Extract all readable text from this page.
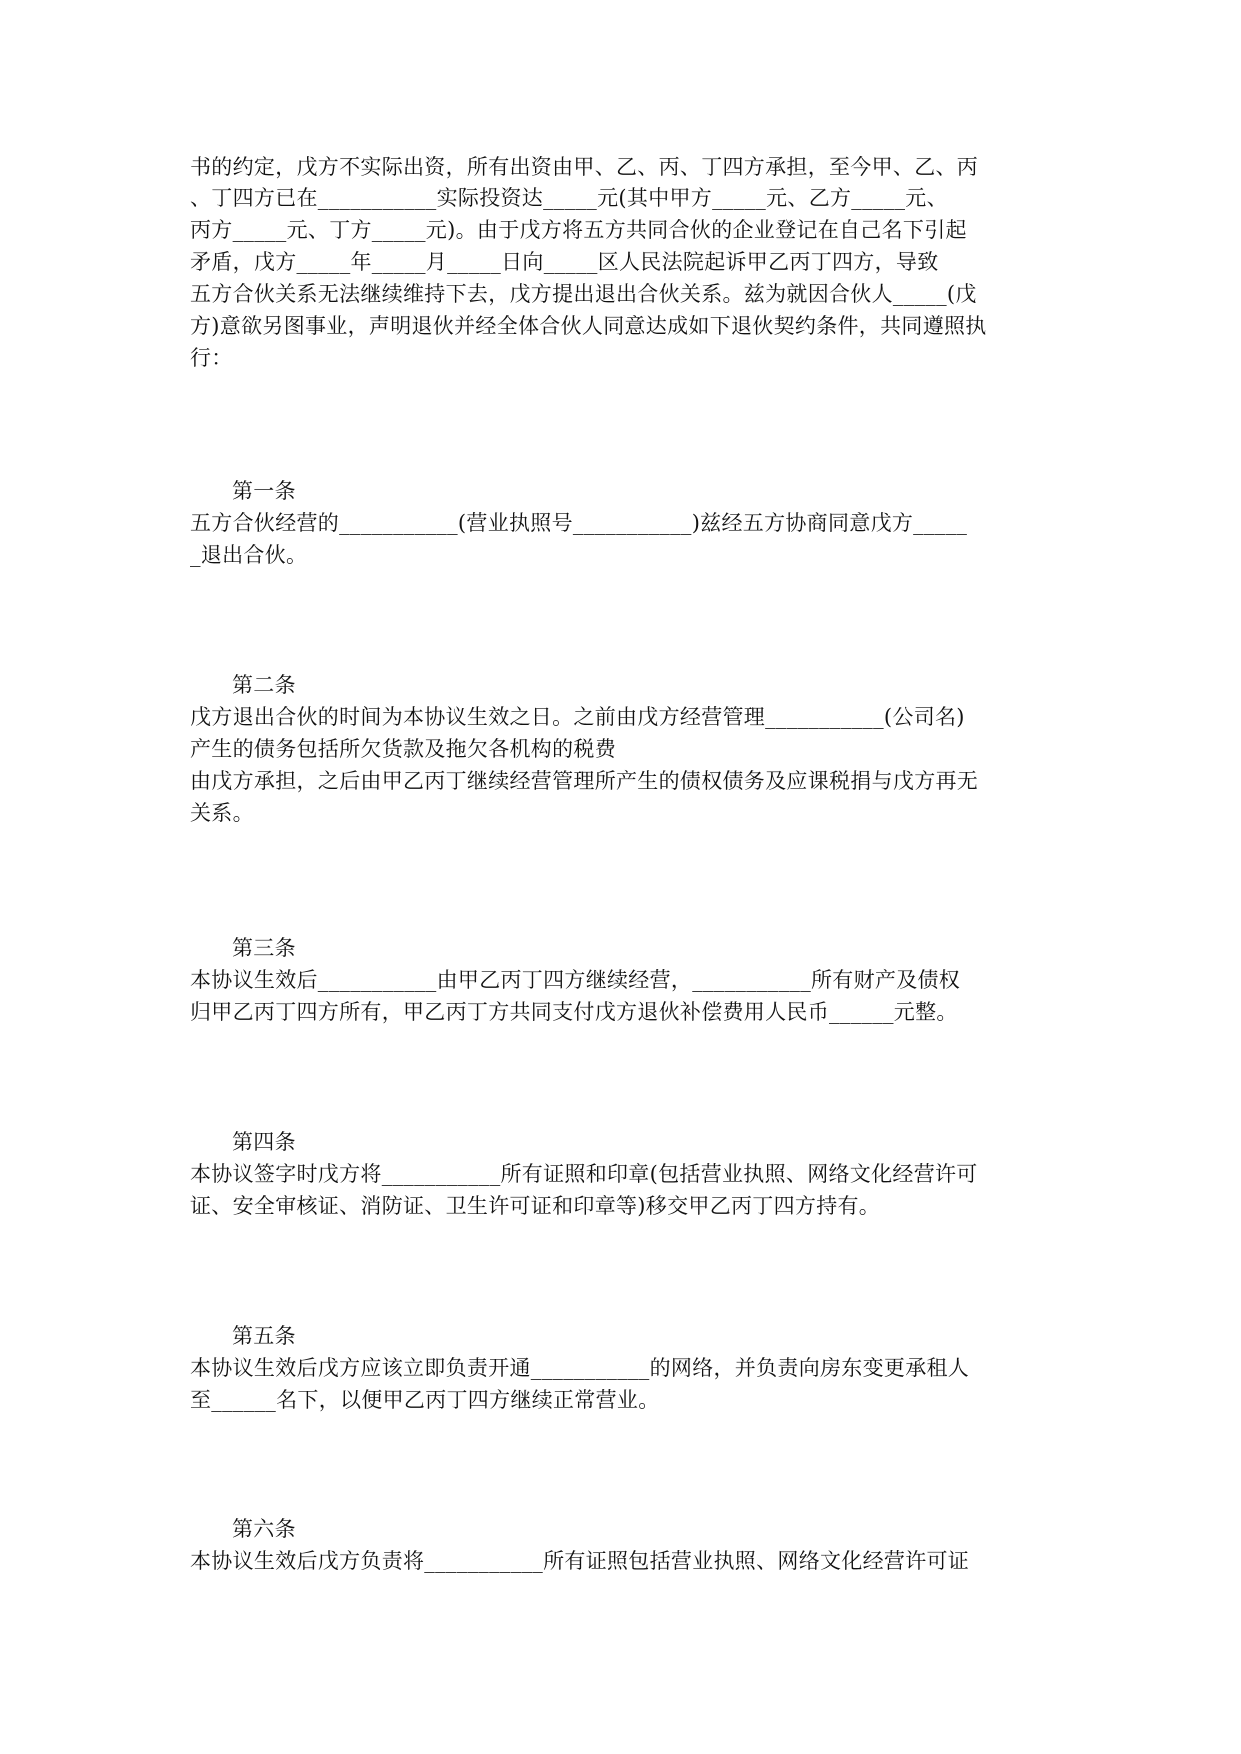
书的约定，戊方不实际出资，所有出资由甲、乙、丙、丁四方承担，至今甲、乙、丙
、丁四方已在___________实际投资达_____元(其中甲方_____元、乙方_____元、
丙方_____元、丁方_____元)。由于戊方将五方共同合伙的企业登记在自己名下引起
矛盾，戊方_____年_____月_____日向_____区人民法院起诉甲乙丙丁四方，导致
五方合伙关系无法继续维持下去，戊方提出退出合伙关系。兹为就因合伙人_____(戊
方)意欲另图事业，声明退伙并经全体合伙人同意达成如下退伙契约条件，共同遵照执
行：
第一条
五方合伙经营的___________(营业执照号___________)兹经五方协商同意戊方_____
_退出合伙。
第二条
戊方退出合伙的时间为本协议生效之日。之前由戊方经营管理___________(公司名)
产生的债务包括所欠货款及拖欠各机构的税费
由戊方承担，之后由甲乙丙丁继续经营管理所产生的债权债务及应课税捐与戊方再无
关系。
第三条
本协议生效后___________由甲乙丙丁四方继续经营，___________所有财产及债权
归甲乙丙丁四方所有，甲乙丙丁方共同支付戊方退伙补偿费用人民币______元整。
第四条
本协议签字时戊方将___________所有证照和印章(包括营业执照、网络文化经营许可
证、安全审核证、消防证、卫生许可证和印章等)移交甲乙丙丁四方持有。
第五条
本协议生效后戊方应该立即负责开通___________的网络，并负责向房东变更承租人
至______名下，以便甲乙丙丁四方继续正常营业。
第六条
本协议生效后戊方负责将___________所有证照包括营业执照、网络文化经营许可证
